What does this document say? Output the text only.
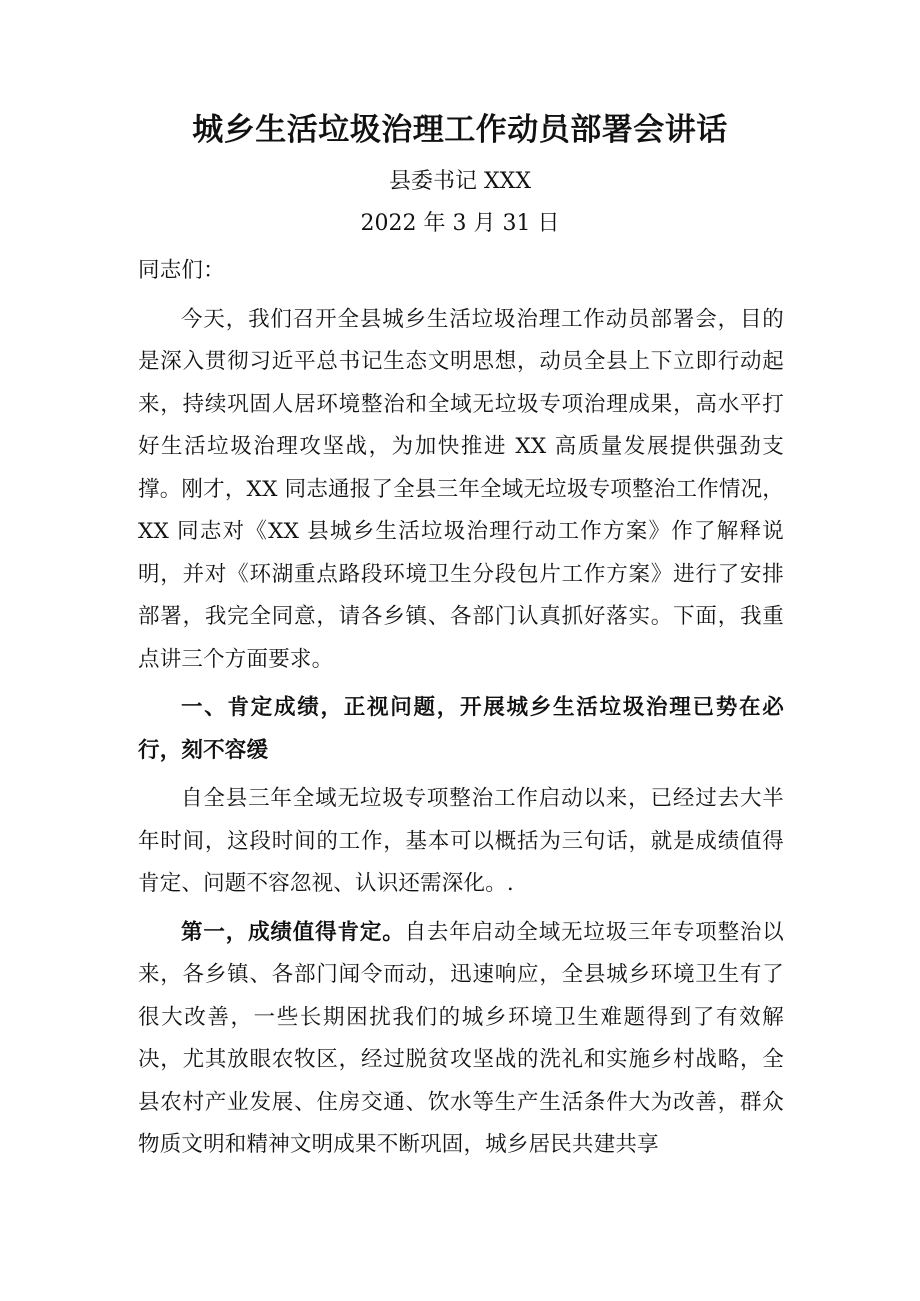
城乡生活垃圾治理工作动员部署会讲话
县委书记 XXX
2022 年 3 月 31 日

同志们：

今天，我们召开全县城乡生活垃圾治理工作动员部署会，目的是深入贯彻习近平总书记生态文明思想，动员全县上下立即行动起来，持续巩固人居环境整治和全域无垃圾专项治理成果，高水平打好生活垃圾治理攻坚战，为加快推进 XX 高质量发展提供强劲支撑。刚才，XX 同志通报了全县三年全域无垃圾专项整治工作情况，XX 同志对《XX 县城乡生活垃圾治理行动工作方案》作了解释说明，并对《环湖重点路段环境卫生分段包片工作方案》进行了安排部署，我完全同意，请各乡镇、各部门认真抓好落实。下面，我重点讲三个方面要求。

一、肯定成绩，正视问题，开展城乡生活垃圾治理已势在必行，刻不容缓

自全县三年全域无垃圾专项整治工作启动以来，已经过去大半年时间，这段时间的工作，基本可以概括为三句话，就是成绩值得肯定、问题不容忽视、认识还需深化。.

第一，成绩值得肯定。自去年启动全域无垃圾三年专项整治以来，各乡镇、各部门闻令而动，迅速响应，全县城乡环境卫生有了很大改善，一些长期困扰我们的城乡环境卫生难题得到了有效解决，尤其放眼农牧区，经过脱贫攻坚战的洗礼和实施乡村战略，全县农村产业发展、住房交通、饮水等生产生活条件大为改善，群众物质文明和精神文明成果不断巩固，城乡居民共建共享
